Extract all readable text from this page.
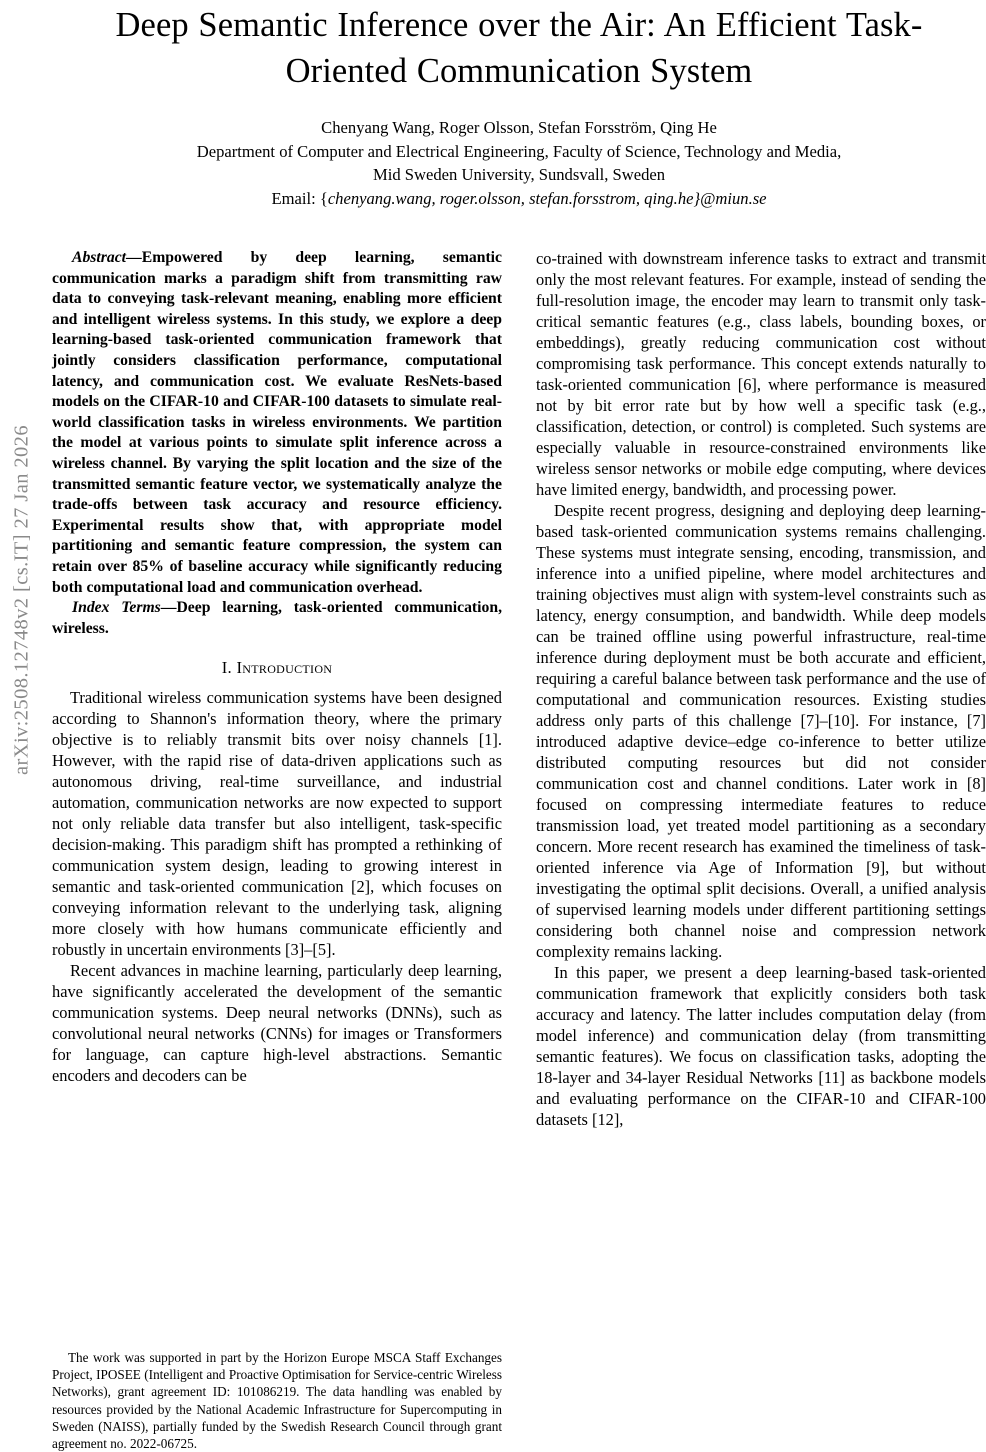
arXiv:2508.12748v2 [cs.IT] 27 Jan 2026
Deep Semantic Inference over the Air: An Efficient Task-Oriented Communication System
Chenyang Wang, Roger Olsson, Stefan Forsström, Qing He
Department of Computer and Electrical Engineering, Faculty of Science, Technology and Media,
Mid Sweden University, Sundsvall, Sweden
Email: {chenyang.wang, roger.olsson, stefan.forsstrom, qing.he}@miun.se

Abstract—Empowered by deep learning, semantic communication marks a paradigm shift from transmitting raw data to conveying task-relevant meaning, enabling more efficient and intelligent wireless systems. In this study, we explore a deep learning-based task-oriented communication framework that jointly considers classification performance, computational latency, and communication cost. We evaluate ResNets-based models on the CIFAR-10 and CIFAR-100 datasets to simulate real-world classification tasks in wireless environments. We partition the model at various points to simulate split inference across a wireless channel. By varying the split location and the size of the transmitted semantic feature vector, we systematically analyze the trade-offs between task accuracy and resource efficiency. Experimental results show that, with appropriate model partitioning and semantic feature compression, the system can retain over 85% of baseline accuracy while significantly reducing both computational load and communication overhead.

Index Terms—Deep learning, task-oriented communication, wireless.

I. Introduction

Traditional wireless communication systems have been designed according to Shannon's information theory, where the primary objective is to reliably transmit bits over noisy channels [1]. However, with the rapid rise of data-driven applications such as autonomous driving, real-time surveillance, and industrial automation, communication networks are now expected to support not only reliable data transfer but also intelligent, task-specific decision-making. This paradigm shift has prompted a rethinking of communication system design, leading to growing interest in semantic and task-oriented communication [2], which focuses on conveying information relevant to the underlying task, aligning more closely with how humans communicate efficiently and robustly in uncertain environments [3]–[5].

Recent advances in machine learning, particularly deep learning, have significantly accelerated the development of the semantic communication systems. Deep neural networks (DNNs), such as convolutional neural networks (CNNs) for images or Transformers for language, can capture high-level abstractions. Semantic encoders and decoders can be

The work was supported in part by the Horizon Europe MSCA Staff Exchanges Project, IPOSEE (Intelligent and Proactive Optimisation for Service-centric Wireless Networks), grant agreement ID: 101086219. The data handling was enabled by resources provided by the National Academic Infrastructure for Supercomputing in Sweden (NAISS), partially funded by the Swedish Research Council through grant agreement no. 2022-06725.

co-trained with downstream inference tasks to extract and transmit only the most relevant features. For example, instead of sending the full-resolution image, the encoder may learn to transmit only task-critical semantic features (e.g., class labels, bounding boxes, or embeddings), greatly reducing communication cost without compromising task performance. This concept extends naturally to task-oriented communication [6], where performance is measured not by bit error rate but by how well a specific task (e.g., classification, detection, or control) is completed. Such systems are especially valuable in resource-constrained environments like wireless sensor networks or mobile edge computing, where devices have limited energy, bandwidth, and processing power.

Despite recent progress, designing and deploying deep learning-based task-oriented communication systems remains challenging. These systems must integrate sensing, encoding, transmission, and inference into a unified pipeline, where model architectures and training objectives must align with system-level constraints such as latency, energy consumption, and bandwidth. While deep models can be trained offline using powerful infrastructure, real-time inference during deployment must be both accurate and efficient, requiring a careful balance between task performance and the use of computational and communication resources. Existing studies address only parts of this challenge [7]–[10]. For instance, [7] introduced adaptive device–edge co-inference to better utilize distributed computing resources but did not consider communication cost and channel conditions. Later work in [8] focused on compressing intermediate features to reduce transmission load, yet treated model partitioning as a secondary concern. More recent research has examined the timeliness of task-oriented inference via Age of Information [9], but without investigating the optimal split decisions. Overall, a unified analysis of supervised learning models under different partitioning settings considering both channel noise and compression network complexity remains lacking.

In this paper, we present a deep learning-based task-oriented communication framework that explicitly considers both task accuracy and latency. The latter includes computation delay (from model inference) and communication delay (from transmitting semantic features). We focus on classification tasks, adopting the 18-layer and 34-layer Residual Networks [11] as backbone models and evaluating performance on the CIFAR-10 and CIFAR-100 datasets [12],
